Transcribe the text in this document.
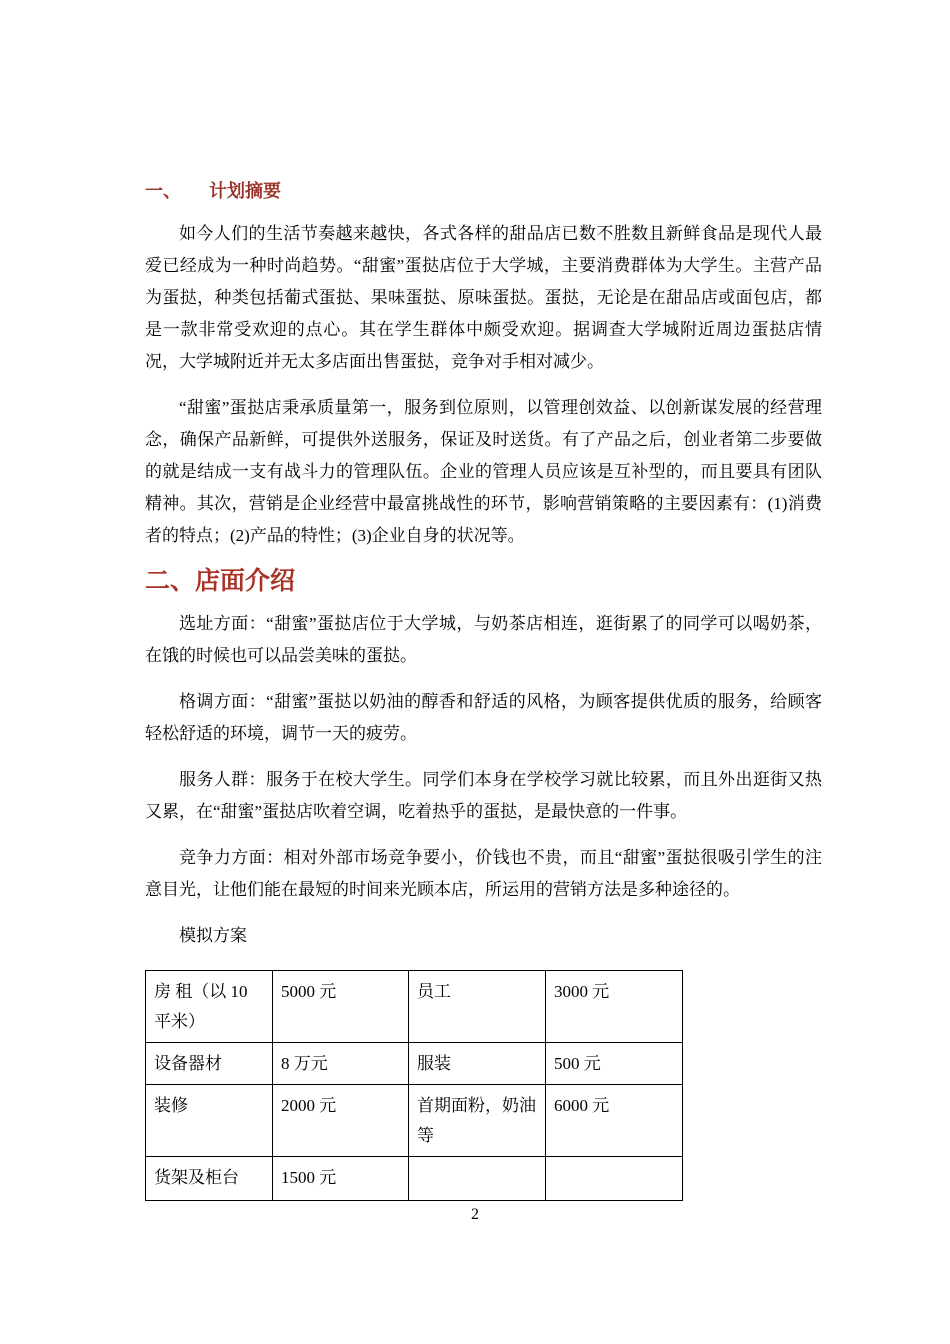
一、 计划摘要

如今人们的生活节奏越来越快，各式各样的甜品店已数不胜数且新鲜食品是现代人最爱已经成为一种时尚趋势。“甜蜜”蛋挞店位于大学城，主要消费群体为大学生。主营产品为蛋挞，种类包括葡式蛋挞、果味蛋挞、原味蛋挞。蛋挞，无论是在甜品店或面包店，都是一款非常受欢迎的点心。其在学生群体中颇受欢迎。据调查大学城附近周边蛋挞店情况，大学城附近并无太多店面出售蛋挞，竞争对手相对减少。

“甜蜜”蛋挞店秉承质量第一，服务到位原则，以管理创效益、以创新谋发展的经营理念，确保产品新鲜，可提供外送服务，保证及时送货。有了产品之后，创业者第二步要做的就是结成一支有战斗力的管理队伍。企业的管理人员应该是互补型的，而且要具有团队精神。其次，营销是企业经营中最富挑战性的环节，影响营销策略的主要因素有：(1)消费者的特点；(2)产品的特性；(3)企业自身的状况等。

二、店面介绍

选址方面：“甜蜜”蛋挞店位于大学城，与奶茶店相连，逛街累了的同学可以喝奶茶，在饿的时候也可以品尝美味的蛋挞。

格调方面：“甜蜜”蛋挞以奶油的醇香和舒适的风格，为顾客提供优质的服务，给顾客轻松舒适的环境，调节一天的疲劳。

服务人群：服务于在校大学生。同学们本身在学校学习就比较累，而且外出逛街又热又累，在“甜蜜”蛋挞店吹着空调，吃着热乎的蛋挞，是最快意的一件事。

竞争力方面：相对外部市场竞争要小，价钱也不贵，而且“甜蜜”蛋挞很吸引学生的注意目光，让他们能在最短的时间来光顾本店，所运用的营销方法是多种途径的。

模拟方案

房 租（以 10 平米）	5000 元	员工	3000 元
设备器材	8 万元	服装	500 元
装修	2000 元	首期面粉，奶油等	6000 元
货架及柜台	1500 元		
2
